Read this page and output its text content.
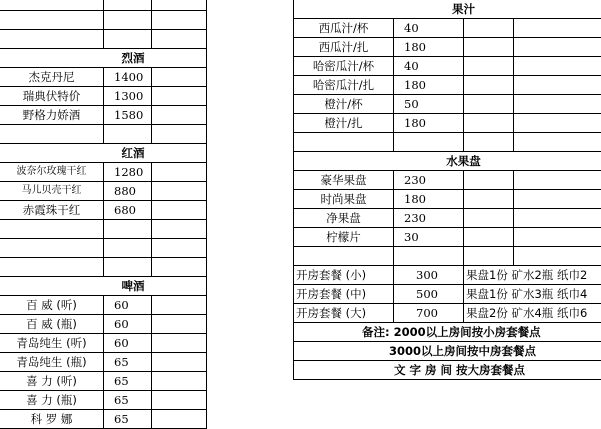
烈酒		
杰克丹尼	1400	
瑞典伏特价	1300	
野格力娇酒	1580	

红酒		
波奈尔玫瑰干红	1280	
马儿贝壳干红	880	
赤霞珠干红	680	

啤酒		
百 威 (听)	60	
百 威 (瓶)	60	
青岛纯生 (听)	60	
青岛纯生 (瓶)	65	
喜 力 (听)	65	
喜 力 (瓶)	65	
科 罗 娜	65	
果汁			
西瓜汁/杯	40		
西瓜汁/扎	180		
哈密瓜汁/杯	40		
哈密瓜汁/扎	180		
橙汁/杯	50		
橙汁/扎	180		

水果盘			
豪华果盘	230		
时尚果盘	180		
净果盘	230		
柠檬片	30		

开房套餐 (小)	300	果盘1份 矿水2瓶 纸巾2	
开房套餐 (中)	500	果盘1份 矿水3瓶 纸巾4	
开房套餐 (大)	700	果盘2份 矿水4瓶 纸巾6	
备注: 2000以上房间按小房套餐点			
3000以上房间按中房套餐点			
文 字 房 间 按大房套餐点			
